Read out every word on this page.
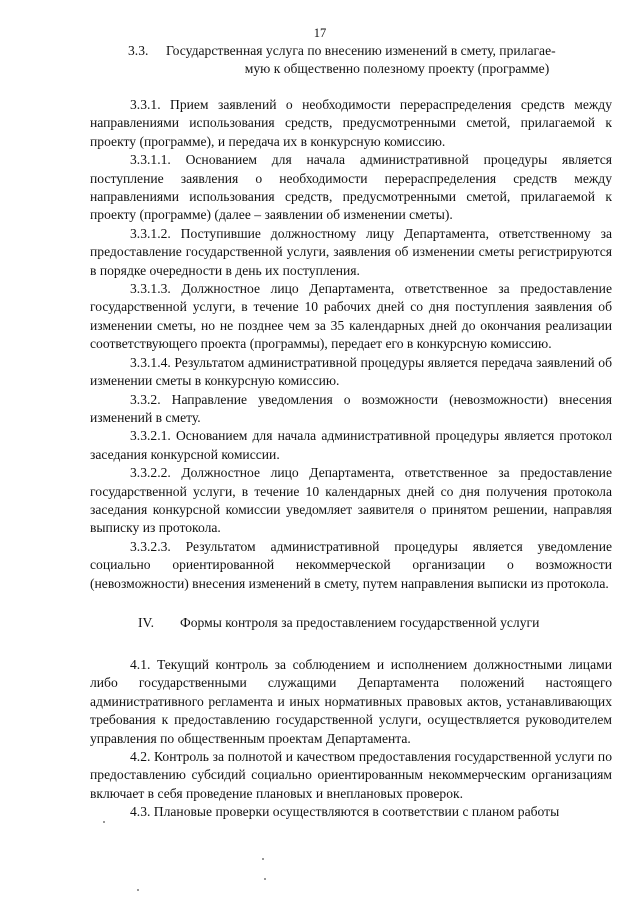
17
3.3. Государственная услуга по внесению изменений в смету, прилагае-
мую к общественно полезному проекту (программе)

3.3.1. Прием заявлений о необходимости перераспределения средств между направлениями использования средств, предусмотренными сметой, прилагаемой к проекту (программе), и передача их в конкурсную комиссию.

3.3.1.1. Основанием для начала административной процедуры является поступление заявления о необходимости перераспределения средств между направлениями использования средств, предусмотренными сметой, прилагаемой к проекту (программе) (далее – заявлении об изменении сметы).

3.3.1.2. Поступившие должностному лицу Департамента, ответственному за предоставление государственной услуги, заявления об изменении сметы регистрируются в порядке очередности в день их поступления.

3.3.1.3. Должностное лицо Департамента, ответственное за предоставление государственной услуги, в течение 10 рабочих дней со дня поступления заявления об изменении сметы, но не позднее чем за 35 календарных дней до окончания реализации соответствующего проекта (программы), передает его в конкурсную комиссию.

3.3.1.4. Результатом административной процедуры является передача заявлений об изменении сметы в конкурсную комиссию.

3.3.2. Направление уведомления о возможности (невозможности) внесения изменений в смету.

3.3.2.1. Основанием для начала административной процедуры является протокол заседания конкурсной комиссии.

3.3.2.2. Должностное лицо Департамента, ответственное за предоставление государственной услуги, в течение 10 календарных дней со дня получения протокола заседания конкурсной комиссии уведомляет заявителя о принятом решении, направляя выписку из протокола.

3.3.2.3. Результатом административной процедуры является уведомление социально ориентированной некоммерческой организации о возможности (невозможности) внесения изменений в смету, путем направления выписки из протокола.

IV. Формы контроля за предоставлением государственной услуги

4.1. Текущий контроль за соблюдением и исполнением должностными лицами либо государственными служащими Департамента положений настоящего административного регламента и иных нормативных правовых актов, устанавливающих требования к предоставлению государственной услуги, осуществляется руководителем управления по общественным проектам Департамента.

4.2. Контроль за полнотой и качеством предоставления государственной услуги по предоставлению субсидий социально ориентированным некоммерческим организациям включает в себя проведение плановых и внеплановых проверок.

4.3. Плановые проверки осуществляются в соответствии с планом работы
